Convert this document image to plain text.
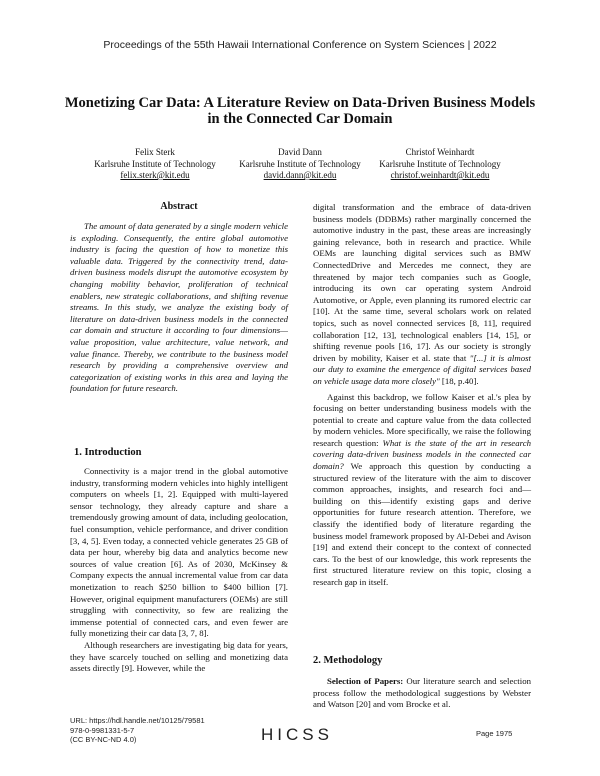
Proceedings of the 55th Hawaii International Conference on System Sciences | 2022
Monetizing Car Data: A Literature Review on Data-Driven Business Models
in the Connected Car Domain
Felix Sterk
Karlsruhe Institute of Technology
felix.sterk@kit.edu
David Dann
Karlsruhe Institute of Technology
david.dann@kit.edu
Christof Weinhardt
Karlsruhe Institute of Technology
christof.weinhardt@kit.edu
Abstract
The amount of data generated by a single modern vehicle is exploding. Consequently, the entire global automotive industry is facing the question of how to monetize this valuable data. Triggered by the connectivity trend, data-driven business models disrupt the automotive ecosystem by changing mobility behavior, proliferation of technical enablers, new strategic collaborations, and shifting revenue streams. In this study, we analyze the existing body of literature on data-driven business models in the connected car domain and structure it according to four dimensions—value proposition, value architecture, value network, and value finance. Thereby, we contribute to the business model research by providing a comprehensive overview and categorization of existing works in this area and laying the foundation for future research.
1. Introduction

Connectivity is a major trend in the global automotive industry, transforming modern vehicles into highly intelligent computers on wheels [1, 2]. Equipped with multi-layered sensor technology, they already capture and share a tremendously growing amount of data, including geolocation, fuel consumption, vehicle performance, and driver condition [3, 4, 5]. Even today, a connected vehicle generates 25 GB of data per hour, whereby big data and analytics become new sources of value creation [6]. As of 2030, McKinsey & Company expects the annual incremental value from car data monetization to reach $250 billion to $400 billion [7]. However, original equipment manufacturers (OEMs) are still struggling with connectivity, so few are realizing the immense potential of connected cars, and even fewer are fully monetizing their car data [3, 7, 8].

Although researchers are investigating big data for years, they have scarcely touched on selling and monetizing data assets directly [9]. However, while the

digital transformation and the embrace of data-driven business models (DDBMs) rather marginally concerned the automotive industry in the past, these areas are increasingly gaining relevance, both in research and practice. While OEMs are launching digital services such as BMW ConnectedDrive and Mercedes me connect, they are threatened by major tech companies such as Google, introducing its own car operating system Android Automotive, or Apple, even planning its rumored electric car [10]. At the same time, several scholars work on related topics, such as novel connected services [8, 11], required collaboration [12, 13], technological enablers [14, 15], or shifting revenue pools [16, 17]. As our society is strongly driven by mobility, Kaiser et al. state that "[...] it is almost our duty to examine the emergence of digital services based on vehicle usage data more closely" [18, p.40].

Against this backdrop, we follow Kaiser et al.'s plea by focusing on better understanding business models with the potential to create and capture value from the data collected by modern vehicles. More specifically, we raise the following research question: What is the state of the art in research covering data-driven business models in the connected car domain? We approach this question by conducting a structured review of the literature with the aim to discover common approaches, insights, and research foci and—building on this—identify existing gaps and derive opportunities for future research attention. Therefore, we classify the identified body of literature regarding the business model framework proposed by Al-Debei and Avison [19] and extend their concept to the context of connected cars. To the best of our knowledge, this work represents the first structured literature review on this topic, closing a research gap in itself.

2. Methodology

Selection of Papers: Our literature search and selection process follow the methodological suggestions by Webster and Watson [20] and vom Brocke et al.

URL: https://hdl.handle.net/10125/79581
978-0-9981331-5-7
(CC BY-NC-ND 4.0)	HICSS	Page 1975
